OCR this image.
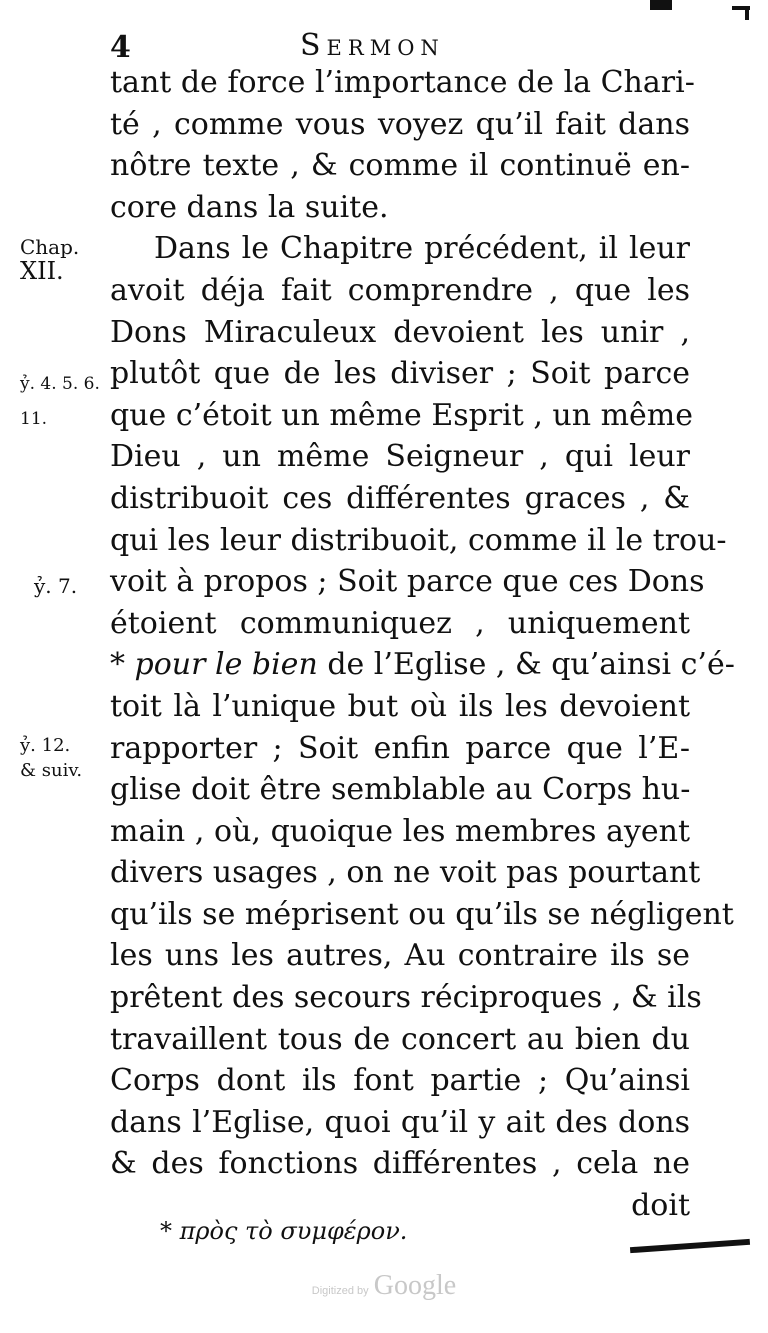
4	Sermon
tant de force l’importance de la Chari-
té , comme vous voyez qu’il fait dans
nôtre texte , & comme il continuë en-
core dans la suite.
Dans le Chapitre précédent, il leur
avoit déja fait comprendre , que les
Dons Miraculeux devoient les unir ,
plutôt que de les diviser ; Soit parce
que c’étoit un même Esprit , un même
Dieu , un même Seigneur , qui leur
distribuoit ces différentes graces , &
qui les leur distribuoit, comme il le trou-
voit à propos ; Soit parce que ces Dons
étoient communiquez , uniquement
* pour le bien de l’Eglise , & qu’ainsi c’é-
toit là l’unique but où ils les devoient
rapporter ; Soit enfin parce que l’E-
glise doit être semblable au Corps hu-
main , où, quoique les membres ayent
divers usages , on ne voit pas pourtant
qu’ils se méprisent ou qu’ils se négligent
les uns les autres, Au contraire ils se
prêtent des secours réciproques , & ils
travaillent tous de concert au bien du
Corps dont ils font partie ; Qu’ainsi
dans l’Eglise, quoi qu’il y ait des dons
& des fonctions différentes , cela ne
doit
Chap.
XII.
ỷ. 4. 5. 6.
11.
ỷ. 7.
ỷ. 12.
& suiv.
* πρὸς τὸ συμφέρον.
Digitized by Google
